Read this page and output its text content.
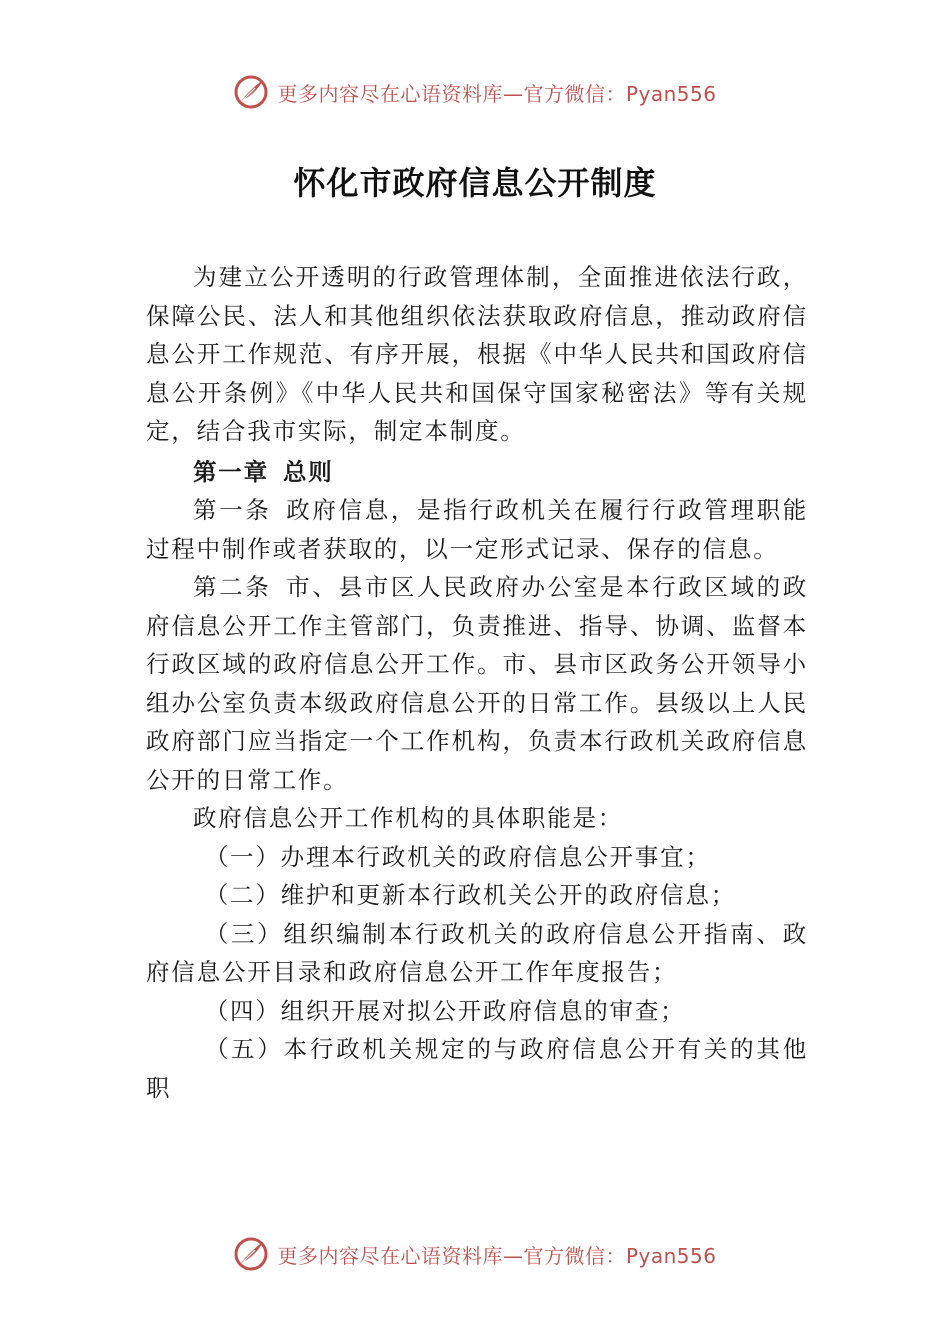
更多内容尽在心语资料库—官方微信：Pyan556
怀化市政府信息公开制度

为建立公开透明的行政管理体制，全面推进依法行政，保障公民、法人和其他组织依法获取政府信息，推动政府信息公开工作规范、有序开展，根据《中华人民共和国政府信息公开条例》《中华人民共和国保守国家秘密法》等有关规定，结合我市实际，制定本制度。

第一章 总则

第一条 政府信息，是指行政机关在履行行政管理职能过程中制作或者获取的，以一定形式记录、保存的信息。

第二条 市、县市区人民政府办公室是本行政区域的政府信息公开工作主管部门，负责推进、指导、协调、监督本行政区域的政府信息公开工作。市、县市区政务公开领导小组办公室负责本级政府信息公开的日常工作。县级以上人民政府部门应当指定一个工作机构，负责本行政机关政府信息公开的日常工作。

政府信息公开工作机构的具体职能是：

（一）办理本行政机关的政府信息公开事宜；

（二）维护和更新本行政机关公开的政府信息；

（三）组织编制本行政机关的政府信息公开指南、政府信息公开目录和政府信息公开工作年度报告；

（四）组织开展对拟公开政府信息的审查；

（五）本行政机关规定的与政府信息公开有关的其他职

更多内容尽在心语资料库—官方微信：Pyan556
